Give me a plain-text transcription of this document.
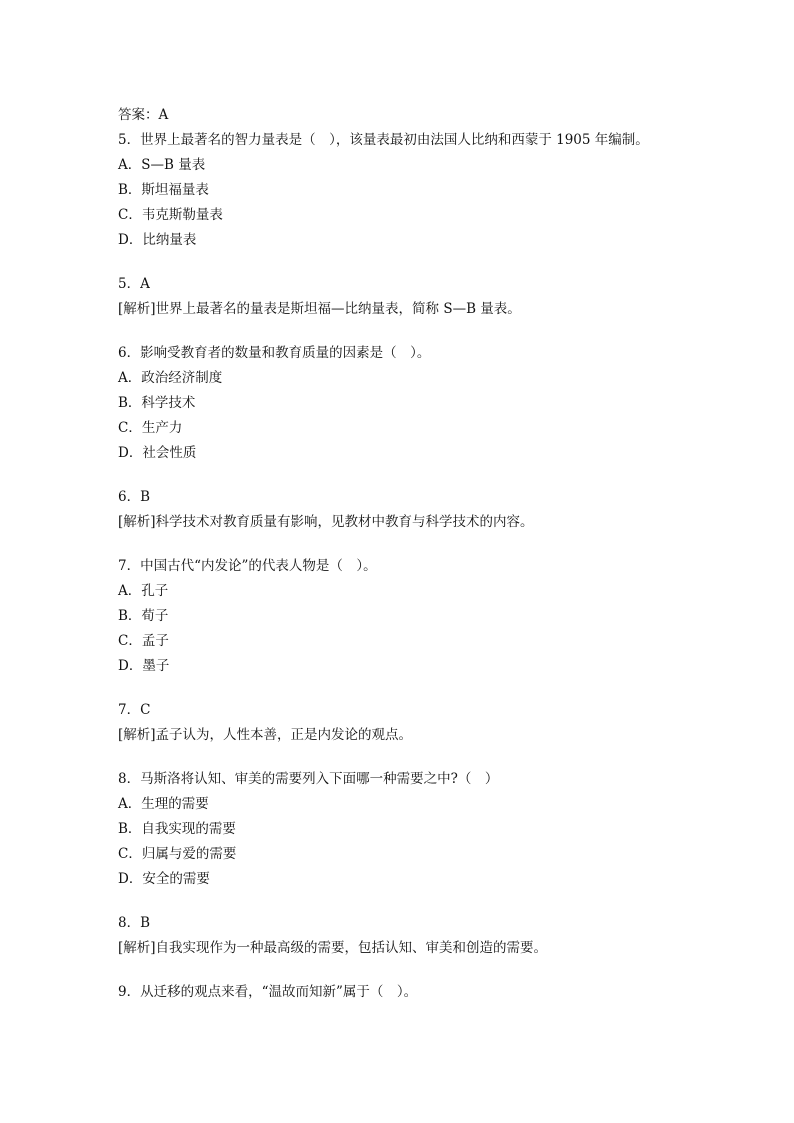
答案：A
5．世界上最著名的智力量表是（　），该量表最初由法国人比纳和西蒙于 1905 年编制。
A．S—B 量表
B．斯坦福量表
C．韦克斯勒量表
D．比纳量表
5．A
[解析]世界上最著名的量表是斯坦福—比纳量表，简称 S—B 量表。
6．影响受教育者的数量和教育质量的因素是（　）。
A．政治经济制度
B．科学技术
C．生产力
D．社会性质
6．B
[解析]科学技术对教育质量有影响，见教材中教育与科学技术的内容。
7．中国古代“内发论”的代表人物是（　）。
A．孔子
B．荀子
C．孟子
D．墨子
7．C
[解析]孟子认为，人性本善，正是内发论的观点。
8．马斯洛将认知、审美的需要列入下面哪一种需要之中?（　）
A．生理的需要
B．自我实现的需要
C．归属与爱的需要
D．安全的需要
8．B
[解析]自我实现作为一种最高级的需要，包括认知、审美和创造的需要。
9．从迁移的观点来看，“温故而知新”属于（　）。
